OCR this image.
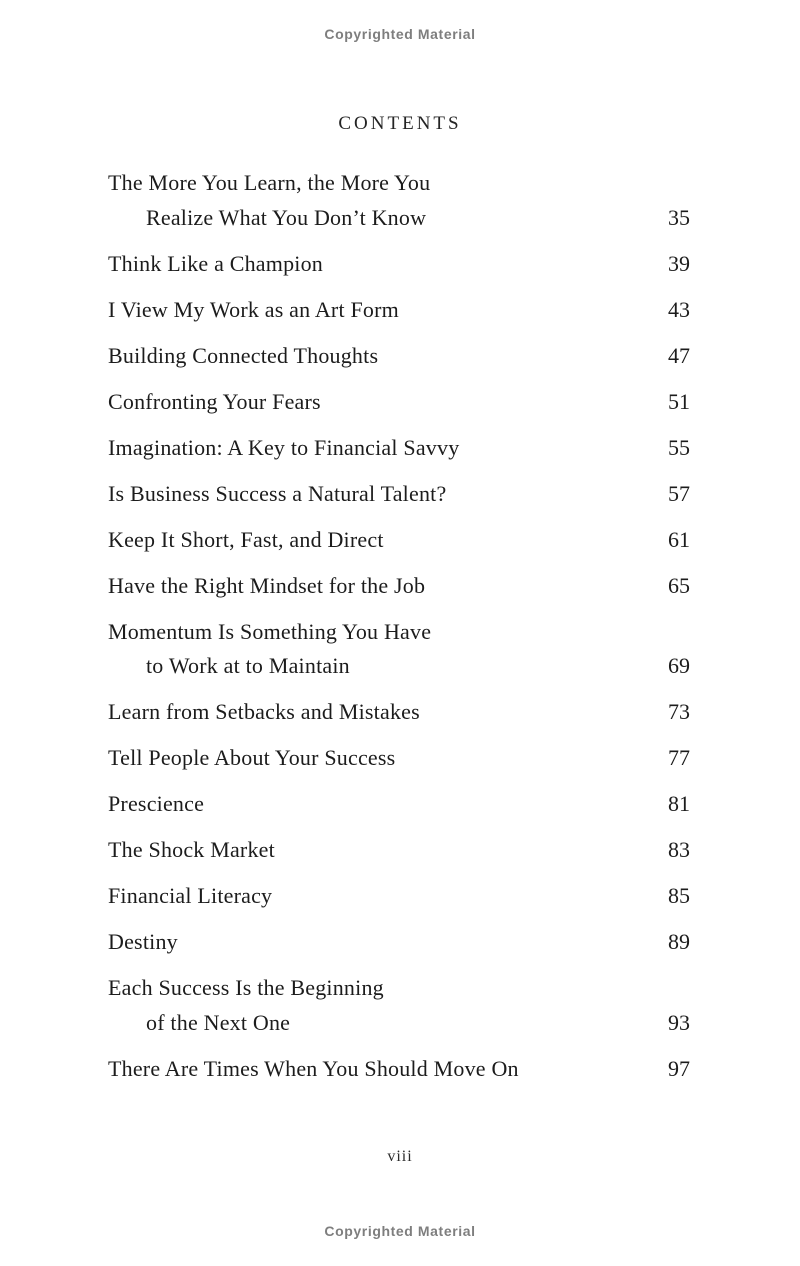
Copyrighted Material
CONTENTS
The More You Learn, the More You
Realize What You Don’t Know	35
Think Like a Champion	39
I View My Work as an Art Form	43
Building Connected Thoughts	47
Confronting Your Fears	51
Imagination: A Key to Financial Savvy	55
Is Business Success a Natural Talent?	57
Keep It Short, Fast, and Direct	61
Have the Right Mindset for the Job	65
Momentum Is Something You Have
to Work at to Maintain	69
Learn from Setbacks and Mistakes	73
Tell People About Your Success	77
Prescience	81
The Shock Market	83
Financial Literacy	85
Destiny	89
Each Success Is the Beginning
of the Next One	93
There Are Times When You Should Move On	97
viii
Copyrighted Material
